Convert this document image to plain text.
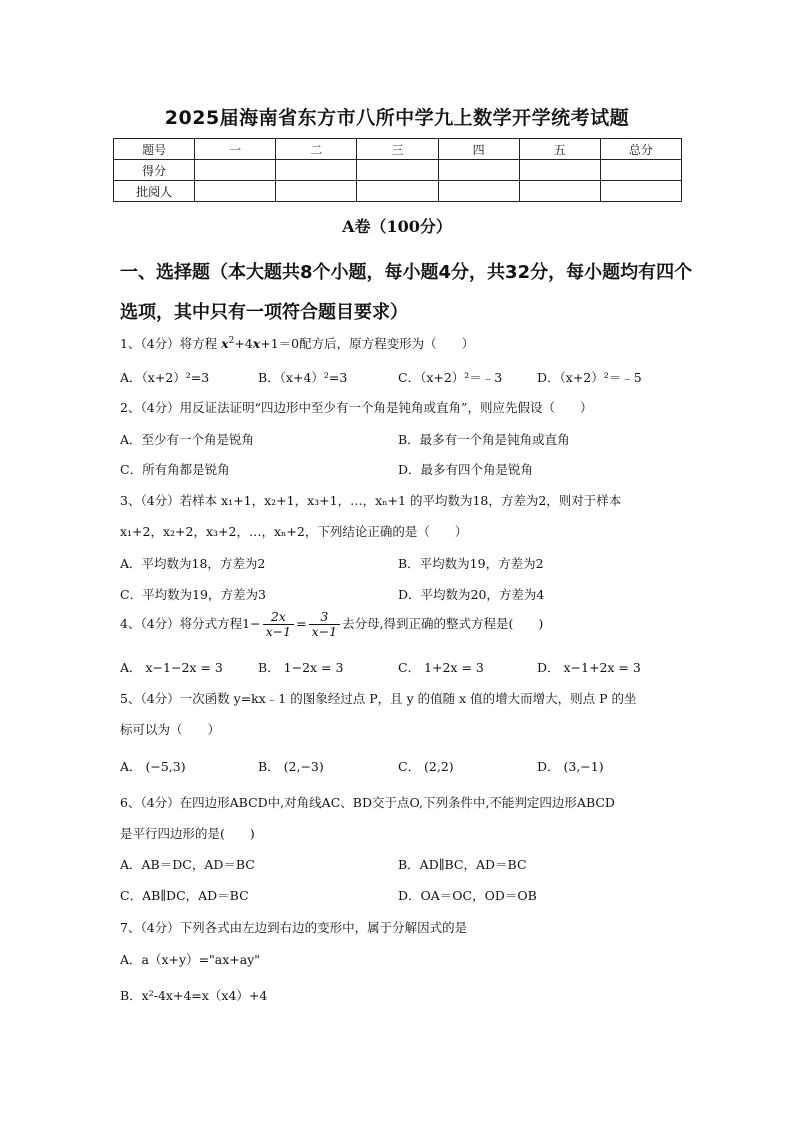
2025届海南省东方市八所中学九上数学开学统考试题
题号	一	二	三	四	五	总分
得分						
批阅人						
A卷（100分）
一、选择题（本大题共8个小题，每小题4分，共32分，每小题均有四个选项，其中只有一项符合题目要求）
1、（4分）将方程 $x^2+4x+1=0$配方后，原方程变形为（　　）
A．（x+2）²=3	B．（x+4）²=3	C．（x+2）²＝﹣3	D．（x+2）²＝﹣5
2、（4分）用反证法证明“四边形中至少有一个角是钝角或直角”，则应先假设（　　）
A．至少有一个角是锐角	B．最多有一个角是钝角或直角
C．所有角都是锐角	D．最多有四个角是锐角
3、（4分）若样本 x₁+1，x₂+1，x₃+1，…，xₙ+1 的平均数为18，方差为2，则对于样本
x₁+2，x₂+2，x₃+2，…，xₙ+2，下列结论正确的是（　　）
A．平均数为18，方差为2	B．平均数为19，方差为2
C．平均数为19，方差为3	D．平均数为20，方差为4
4、（4分）将分式方程$1- \frac{2x}{x-1} = \frac{3}{x-1}$ 去分母,得到正确的整式方程是(　　)
A． x−1−2x = 3	B． 1−2x = 3	C． 1+2x = 3	D． x−1+2x = 3
5、（4分）一次函数 y=kx﹣1 的图象经过点 P，且 y 的值随 x 值的增大而增大，则点 P 的坐
标可以为（　　）
A． (−5,3)	B． (2,−3)	C． (2,2)	D． (3,−1)
6、（4分）在四边形ABCD中,对角线AC、BD交于点O,下列条件中,不能判定四边形ABCD
是平行四边形的是(　　)
A．AB＝DC，AD＝BC	B．AD∥BC，AD＝BC
C．AB∥DC，AD＝BC	D．OA＝OC，OD＝OB
7、（4分）下列各式由左边到右边的变形中，属于分解因式的是
A．a（x+y）="ax+ay"
B．x²-4x+4=x（x4）+4
